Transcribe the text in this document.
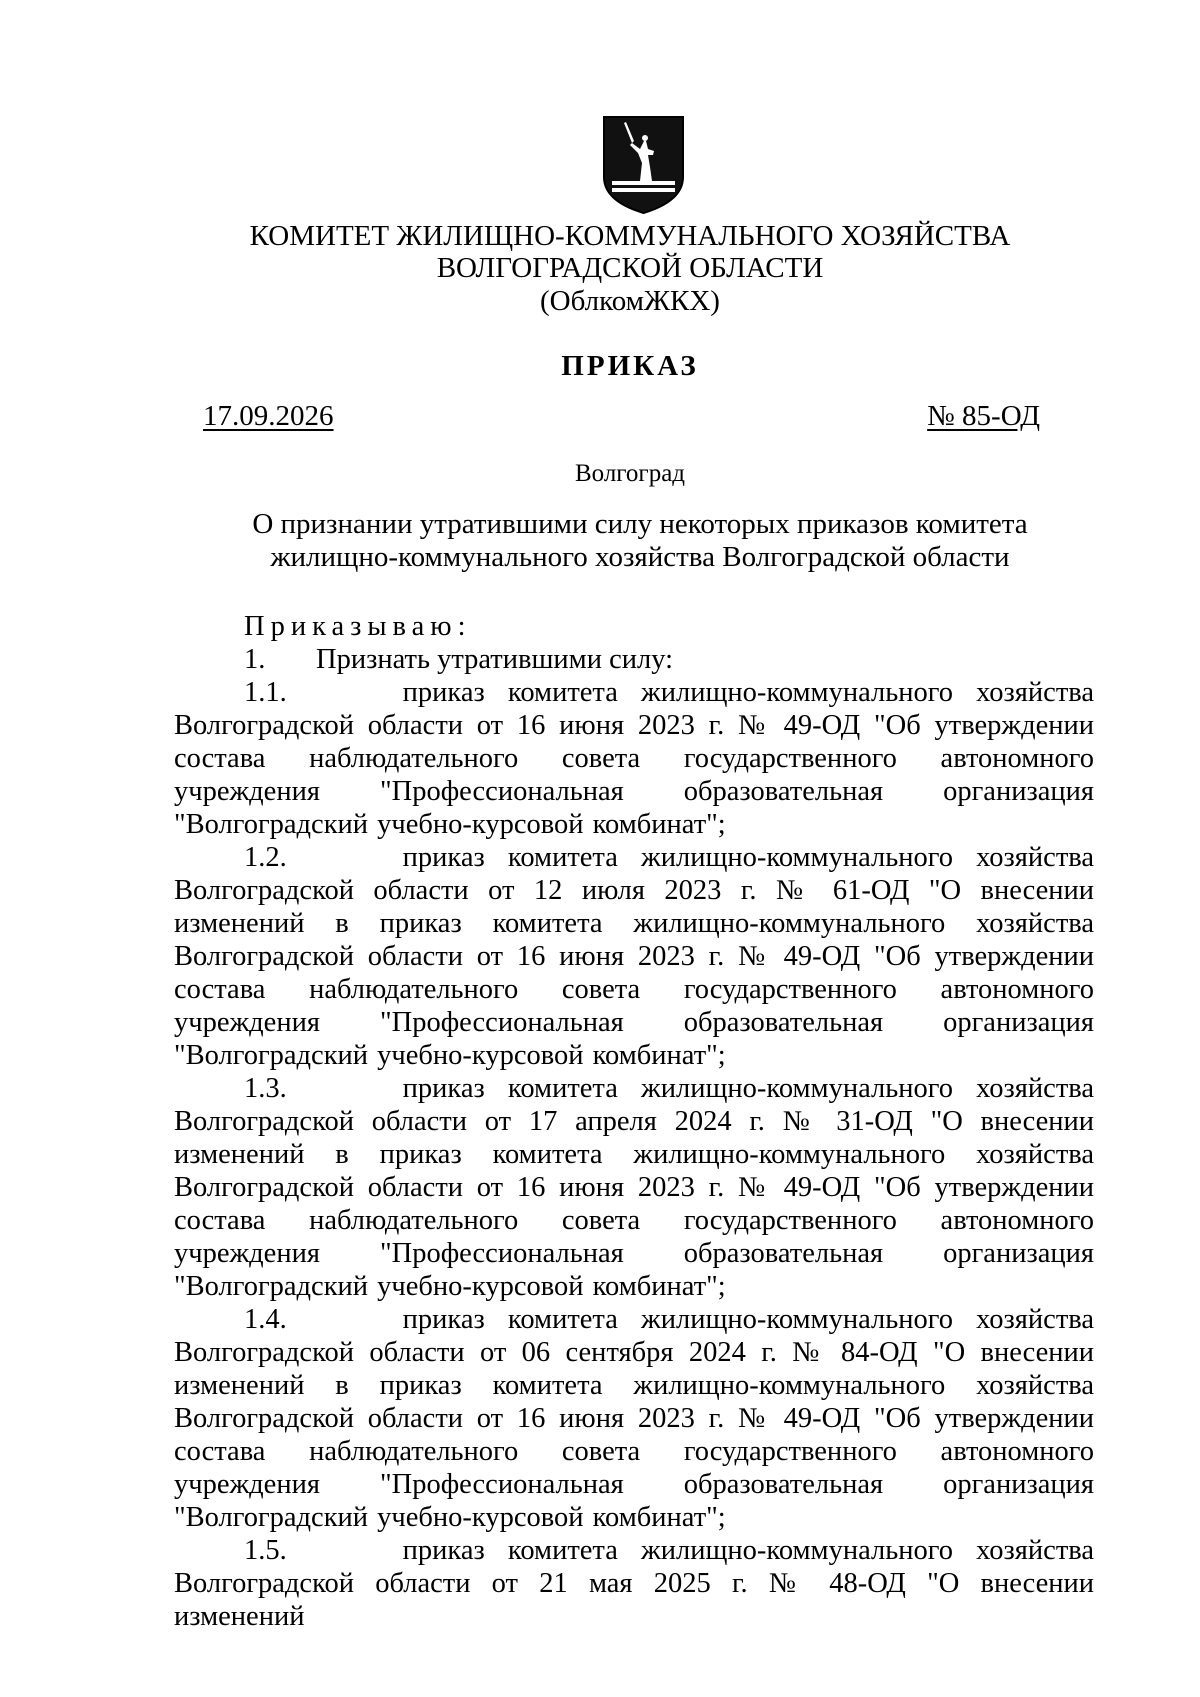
КОМИТЕТ ЖИЛИЩНО-КОММУНАЛЬНОГО ХОЗЯЙСТВА
ВОЛГОГРАДСКОЙ ОБЛАСТИ
(ОблкомЖКХ)
ПРИКАЗ
17.09.2026	№ 85-ОД
Волгоград
О признании утратившими силу некоторых приказов комитета жилищно-коммунального хозяйства Волгоградской области
Приказываю:
1. Признать утратившими силу:

1.1.	приказ комитета жилищно-коммунального хозяйства Волгоградской области от 16 июня 2023 г. № 49-ОД "Об утверждении состава наблюдательного совета государственного автономного учреждения "Профессиональная образовательная организация "Волгоградский учебно-курсовой комбинат";

1.2.	приказ комитета жилищно-коммунального хозяйства Волгоградской области от 12 июля 2023 г. № 61-ОД "О внесении изменений в приказ комитета жилищно-коммунального хозяйства Волгоградской области от 16 июня 2023 г. № 49-ОД "Об утверждении состава наблюдательного совета государственного автономного учреждения "Профессиональная образовательная организация "Волгоградский учебно-курсовой комбинат";

1.3.	приказ комитета жилищно-коммунального хозяйства Волгоградской области от 17 апреля 2024 г. № 31-ОД "О внесении изменений в приказ комитета жилищно-коммунального хозяйства Волгоградской области от 16 июня 2023 г. № 49-ОД "Об утверждении состава наблюдательного совета государственного автономного учреждения "Профессиональная образовательная организация "Волгоградский учебно-курсовой комбинат";

1.4.	приказ комитета жилищно-коммунального хозяйства Волгоградской области от 06 сентября 2024 г. № 84-ОД "О внесении изменений в приказ комитета жилищно-коммунального хозяйства Волгоградской области от 16 июня 2023 г. № 49-ОД "Об утверждении состава наблюдательного совета государственного автономного учреждения "Профессиональная образовательная организация "Волгоградский учебно-курсовой комбинат";

1.5.	приказ комитета жилищно-коммунального хозяйства Волгоградской области от 21 мая 2025 г. № 48-ОД "О внесении изменений
